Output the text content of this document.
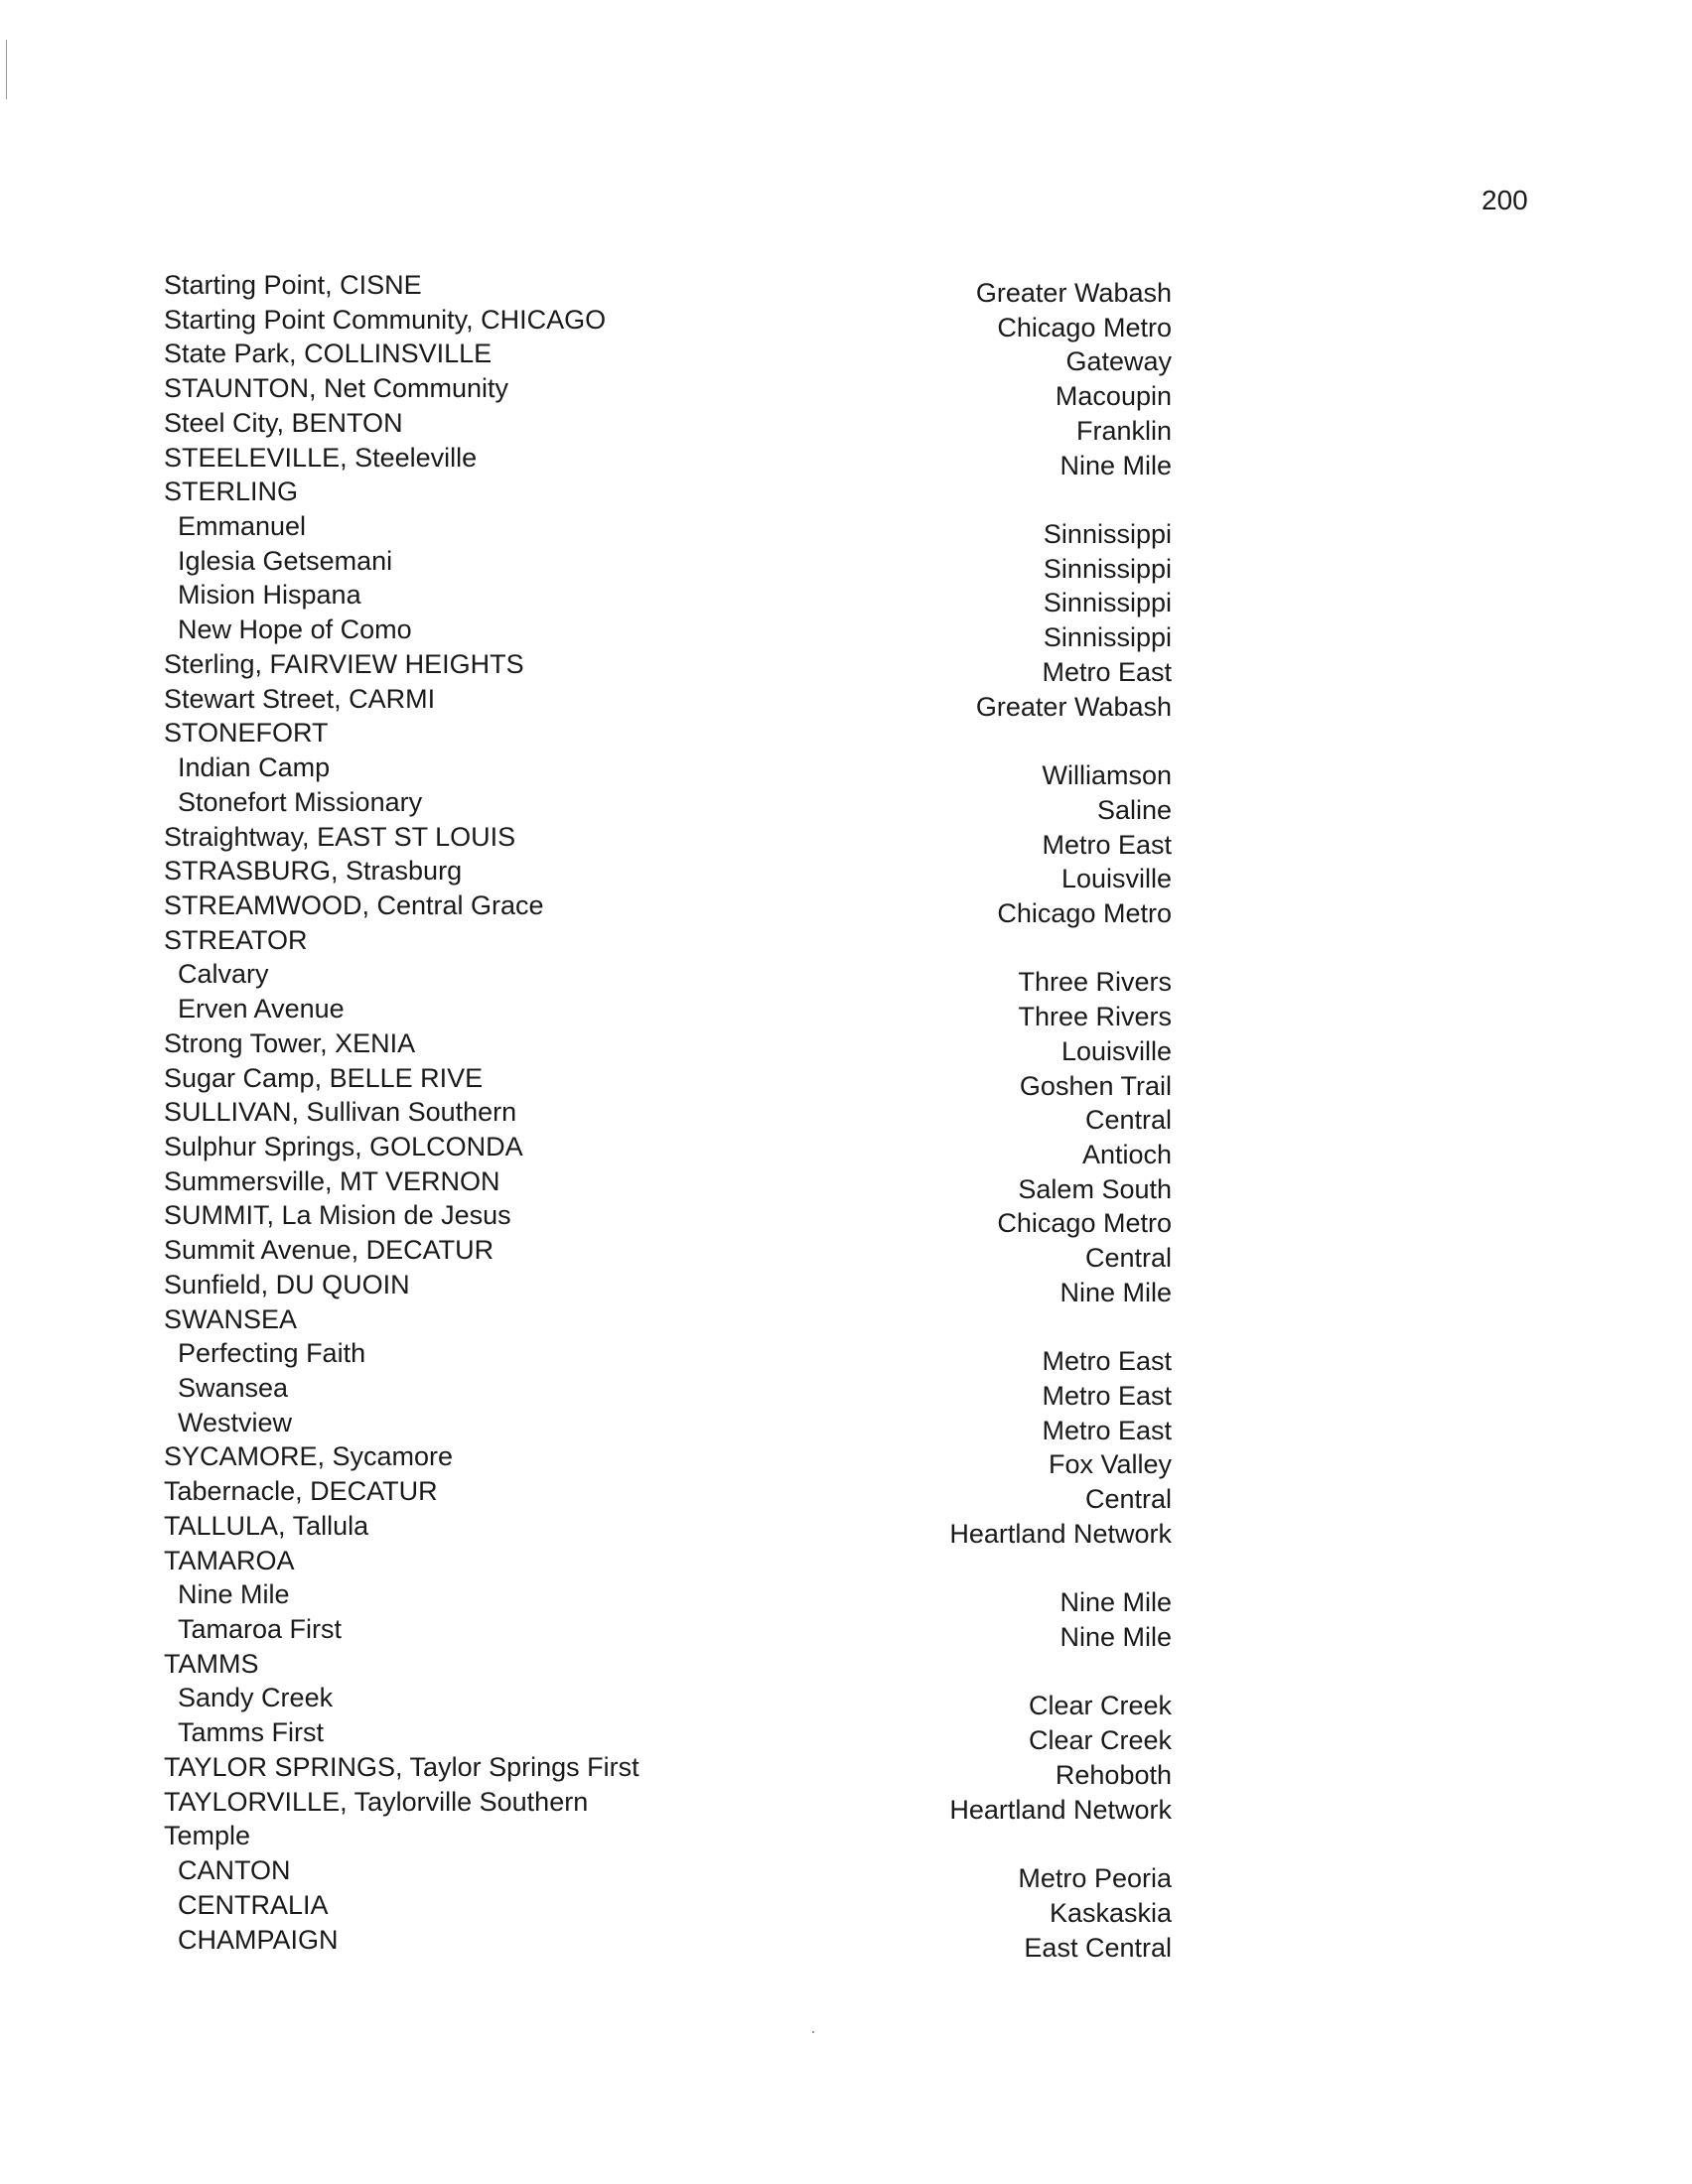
200
Starting Point, CISNE
Starting Point Community, CHICAGO
State Park, COLLINSVILLE
STAUNTON, Net Community
Steel City, BENTON
STEELEVILLE, Steeleville
STERLING
Emmanuel
Iglesia Getsemani
Mision Hispana
New Hope of Como
Sterling, FAIRVIEW HEIGHTS
Stewart Street, CARMI
STONEFORT
Indian Camp
Stonefort Missionary
Straightway, EAST ST LOUIS
STRASBURG, Strasburg
STREAMWOOD, Central Grace
STREATOR
Calvary
Erven Avenue
Strong Tower, XENIA
Sugar Camp, BELLE RIVE
SULLIVAN, Sullivan Southern
Sulphur Springs, GOLCONDA
Summersville, MT VERNON
SUMMIT, La Mision de Jesus
Summit Avenue, DECATUR
Sunfield, DU QUOIN
SWANSEA
Perfecting Faith
Swansea
Westview
SYCAMORE, Sycamore
Tabernacle, DECATUR
TALLULA, Tallula
TAMAROA
Nine Mile
Tamaroa First
TAMMS
Sandy Creek
Tamms First
TAYLOR SPRINGS, Taylor Springs First
TAYLORVILLE, Taylorville Southern
Temple
CANTON
CENTRALIA
CHAMPAIGN
Greater Wabash
Chicago Metro
Gateway
Macoupin
Franklin
Nine Mile
Sinnissippi
Sinnissippi
Sinnissippi
Sinnissippi
Metro East
Greater Wabash
Williamson
Saline
Metro East
Louisville
Chicago Metro
Three Rivers
Three Rivers
Louisville
Goshen Trail
Central
Antioch
Salem South
Chicago Metro
Central
Nine Mile
Metro East
Metro East
Metro East
Fox Valley
Central
Heartland Network
Nine Mile
Nine Mile
Clear Creek
Clear Creek
Rehoboth
Heartland Network
Metro Peoria
Kaskaskia
East Central
